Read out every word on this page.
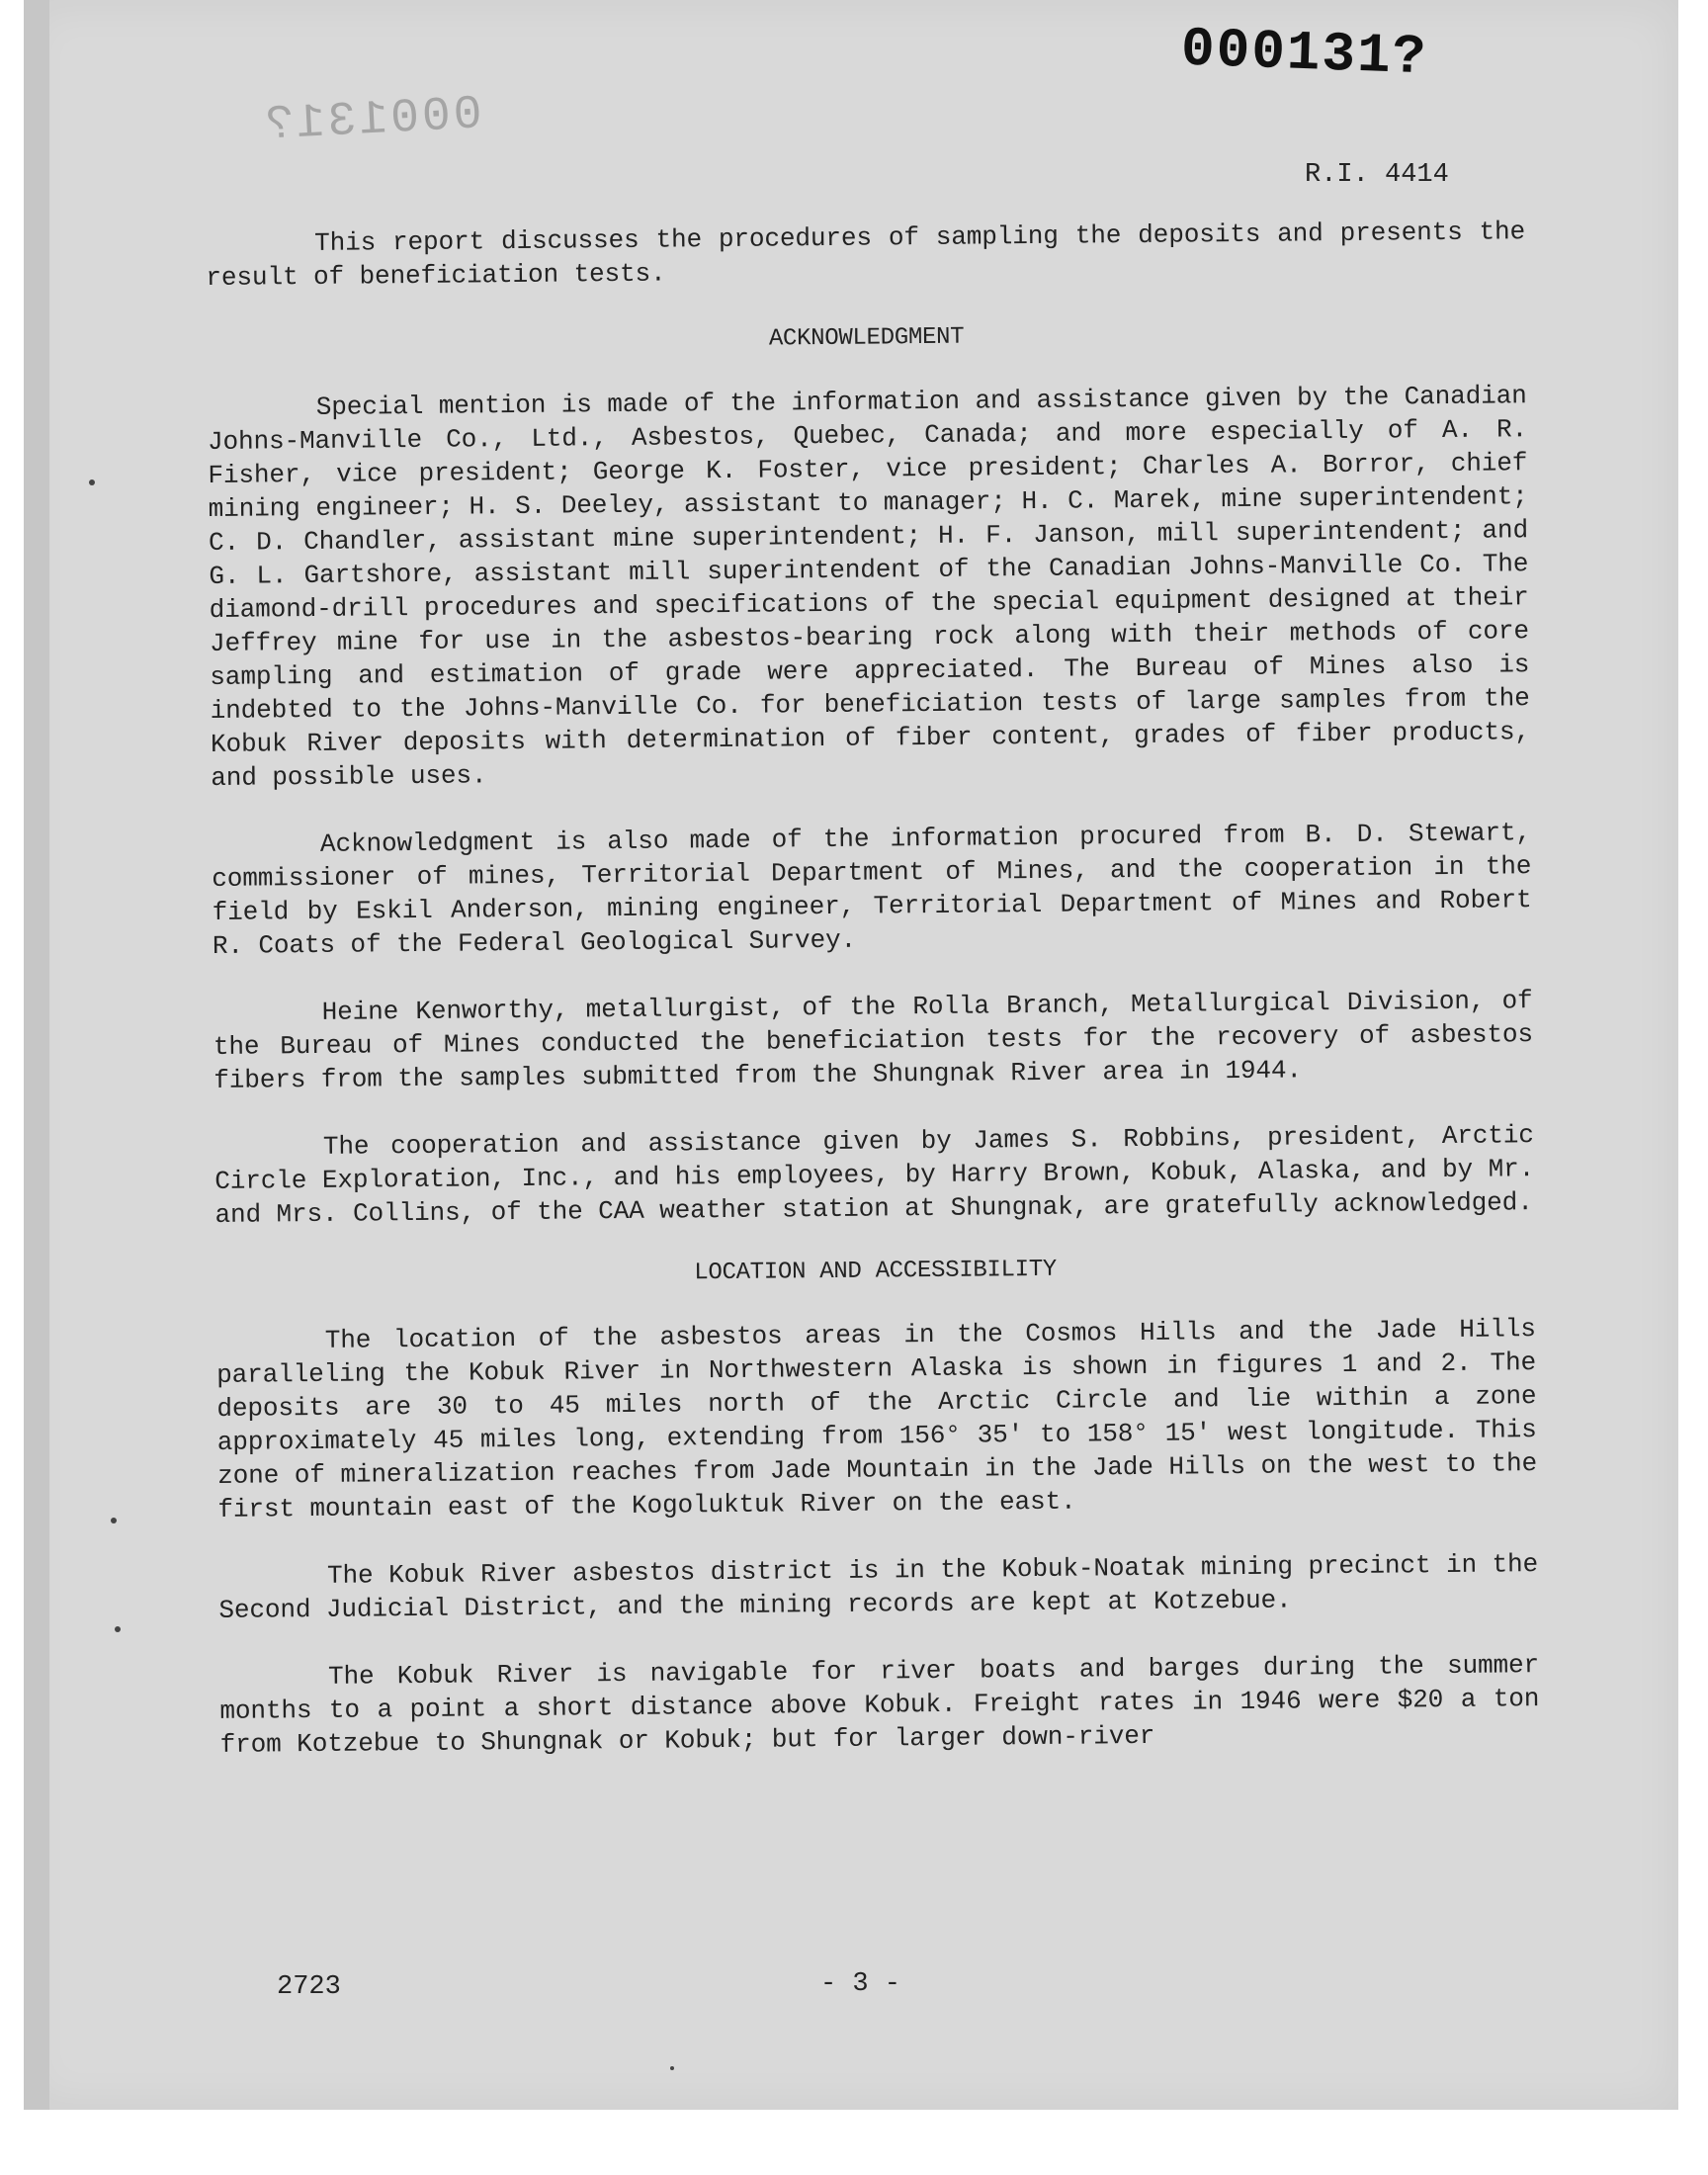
000131?

000131?

R.I. 4414

This report discusses the procedures of sampling the deposits and presents the result of beneficiation tests.

ACKNOWLEDGMENT

Special mention is made of the information and assistance given by the Canadian Johns-Manville Co., Ltd., Asbestos, Quebec, Canada; and more especially of A. R. Fisher, vice president; George K. Foster, vice president; Charles A. Borror, chief mining engineer; H. S. Deeley, assistant to manager; H. C. Marek, mine superintendent; C. D. Chandler, assistant mine superintendent; H. F. Janson, mill superintendent; and G. L. Gartshore, assistant mill superintendent of the Canadian Johns-Manville Co. The diamond-drill procedures and specifications of the special equipment designed at their Jeffrey mine for use in the asbestos-bearing rock along with their methods of core sampling and estimation of grade were appreciated. The Bureau of Mines also is indebted to the Johns-Manville Co. for beneficiation tests of large samples from the Kobuk River deposits with determination of fiber content, grades of fiber products, and possible uses.

Acknowledgment is also made of the information procured from B. D. Stewart, commissioner of mines, Territorial Department of Mines, and the cooperation in the field by Eskil Anderson, mining engineer, Territorial Department of Mines and Robert R. Coats of the Federal Geological Survey.

Heine Kenworthy, metallurgist, of the Rolla Branch, Metallurgical Division, of the Bureau of Mines conducted the beneficiation tests for the recovery of asbestos fibers from the samples submitted from the Shungnak River area in 1944.

The cooperation and assistance given by James S. Robbins, president, Arctic Circle Exploration, Inc., and his employees, by Harry Brown, Kobuk, Alaska, and by Mr. and Mrs. Collins, of the CAA weather station at Shungnak, are gratefully acknowledged.

LOCATION AND ACCESSIBILITY

The location of the asbestos areas in the Cosmos Hills and the Jade Hills paralleling the Kobuk River in Northwestern Alaska is shown in figures 1 and 2. The deposits are 30 to 45 miles north of the Arctic Circle and lie within a zone approximately 45 miles long, extending from 156° 35' to 158° 15' west longitude. This zone of mineralization reaches from Jade Mountain in the Jade Hills on the west to the first mountain east of the Kogoluktuk River on the east.

The Kobuk River asbestos district is in the Kobuk-Noatak mining precinct in the Second Judicial District, and the mining records are kept at Kotzebue.

The Kobuk River is navigable for river boats and barges during the summer months to a point a short distance above Kobuk. Freight rates in 1946 were $20 a ton from Kotzebue to Shungnak or Kobuk; but for larger down-river

2723	- 3 -
